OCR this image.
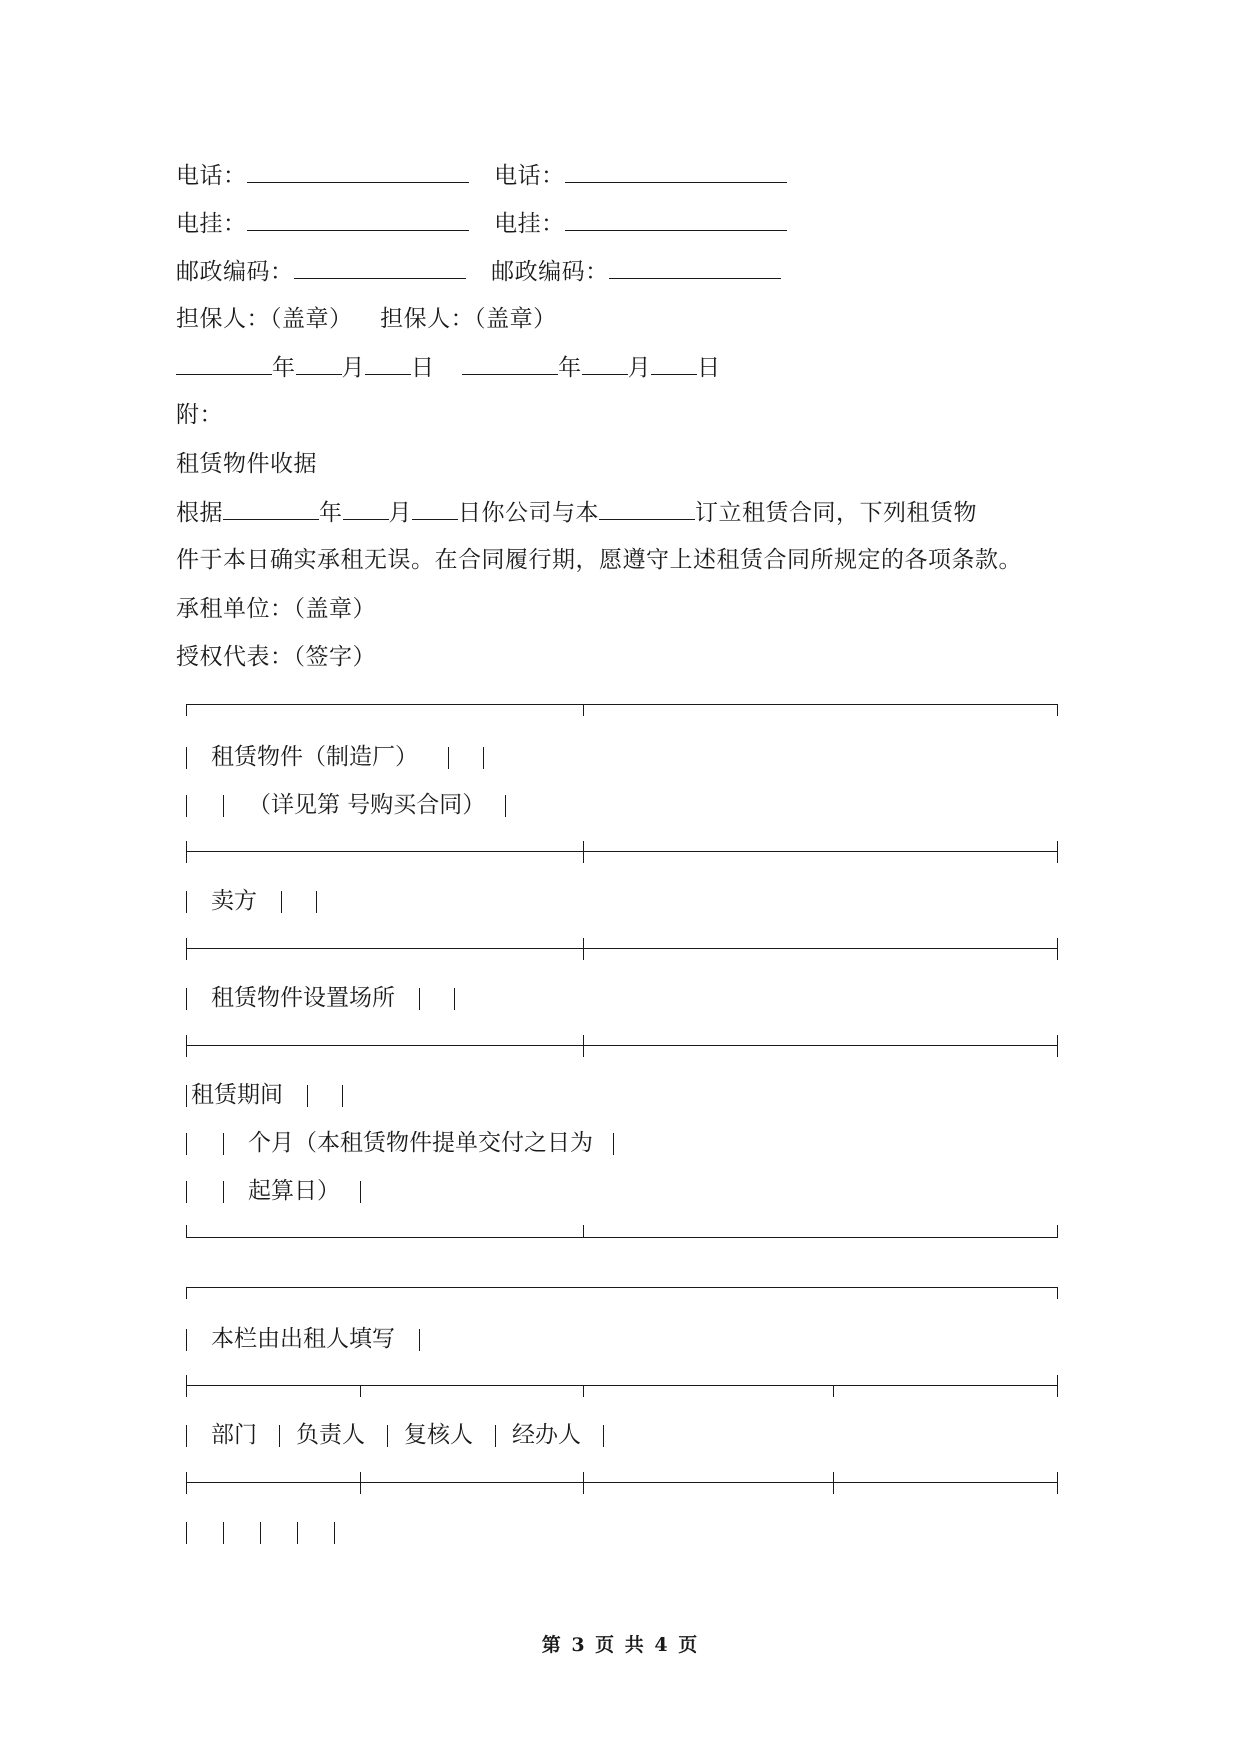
电话：	电话：
电挂：	电挂：
邮政编码：	邮政编码：
担保人：（盖章） 担保人：（盖章）
年 月 日	年 月 日
附：
租赁物件收据
根据	年 月 日你公司与本	订立租赁合同，下列租赁物
件于本日确实承租无误。在合同履行期，愿遵守上述租赁合同所规定的各项条款。
承租单位：（盖章）
授权代表：（签字）
租赁物件（制造厂）
（详见第 号购买合同）
卖方
租赁物件设置场所
租赁期间
个月（本租赁物件提单交付之日为
起算日）
本栏由出租人填写
部门 负责人 复核人 经办人
第 3 页 共 4 页
